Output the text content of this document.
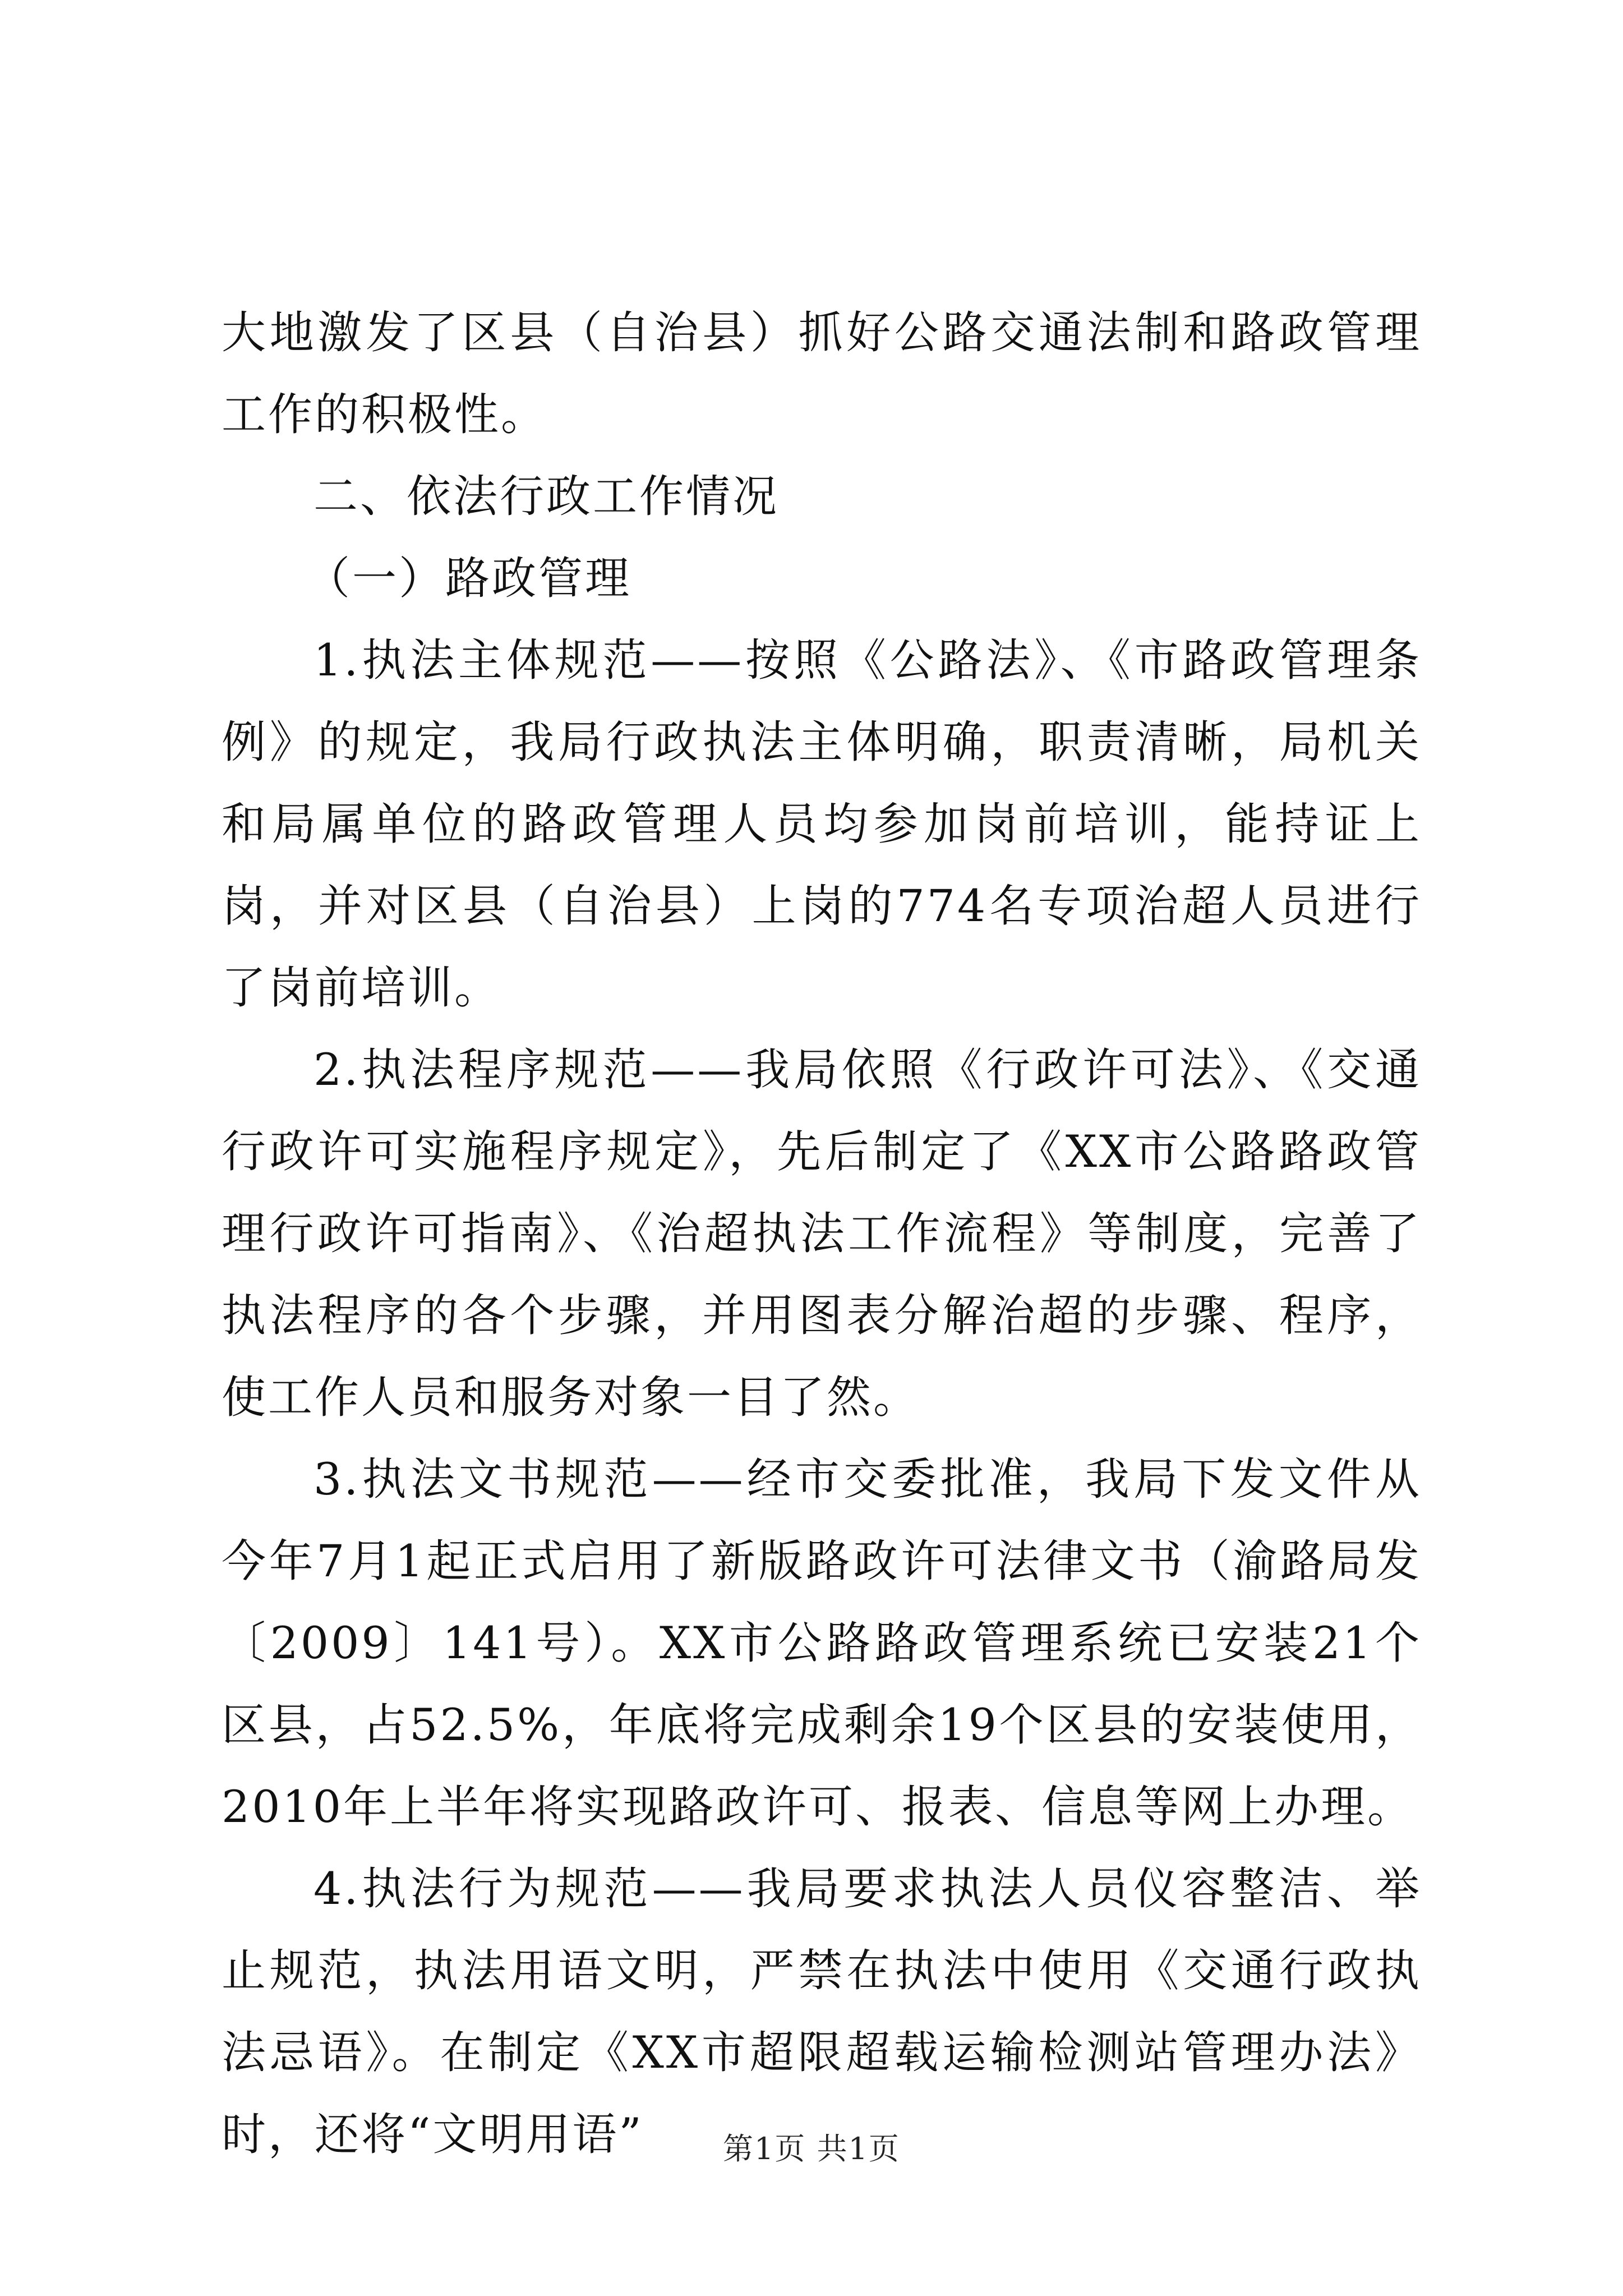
大地激发了区县（自治县）抓好公路交通法制和路政管理工作的积极性。

二、依法行政工作情况

（一）路政管理

1.执法主体规范——按照《公路法》、《市路政管理条例》的规定，我局行政执法主体明确，职责清晰，局机关和局属单位的路政管理人员均参加岗前培训，能持证上岗，并对区县（自治县）上岗的774名专项治超人员进行了岗前培训。

2.执法程序规范——我局依照《行政许可法》、《交通行政许可实施程序规定》，先后制定了《XX市公路路政管理行政许可指南》、《治超执法工作流程》等制度，完善了执法程序的各个步骤，并用图表分解治超的步骤、程序，使工作人员和服务对象一目了然。

3.执法文书规范——经市交委批准，我局下发文件从今年7月1起正式启用了新版路政许可法律文书（渝路局发〔2009〕141号）。XX市公路路政管理系统已安装21个区县，占52.5%，年底将完成剩余19个区县的安装使用，2010年上半年将实现路政许可、报表、信息等网上办理。

4.执法行为规范——我局要求执法人员仪容整洁、举止规范，执法用语文明，严禁在执法中使用《交通行政执法忌语》。在制定《XX市超限超载运输检测站管理办法》时，还将“文明用语”	第1页 共1页
